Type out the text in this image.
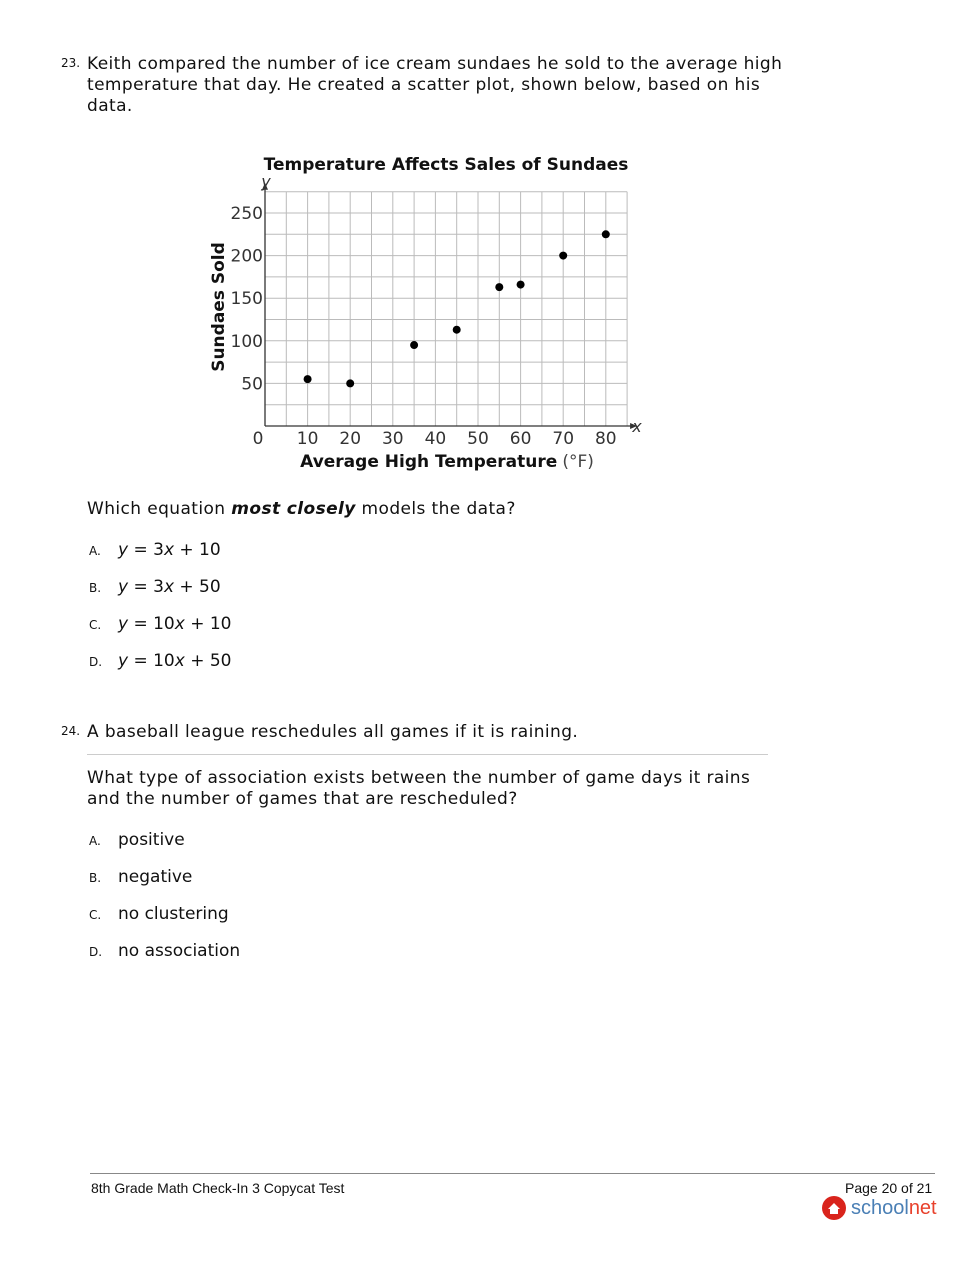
23. Keith compared the number of ice cream sundaes he sold to the average high temperature that day. He created a scatter plot, shown below, based on his data.
10 20 30 40 50 60 70 80
50
100
150
200
250
0
Temperature Affects Sales of Sundaes
y
x
Average High Temperature (°F)
Sundaes Sold
Which equation most closely models the data?
A. y = 3x + 10
B. y = 3x + 50
C. y = 10x + 10
D. y = 10x + 50
24. A baseball league reschedules all games if it is raining.
What type of association exists between the number of game days it rains and the number of games that are rescheduled?
A. positive
B. negative
C. no clustering
D. no association
8th Grade Math Check-In 3 Copycat Test	Page 20 of 21
schoolnet
